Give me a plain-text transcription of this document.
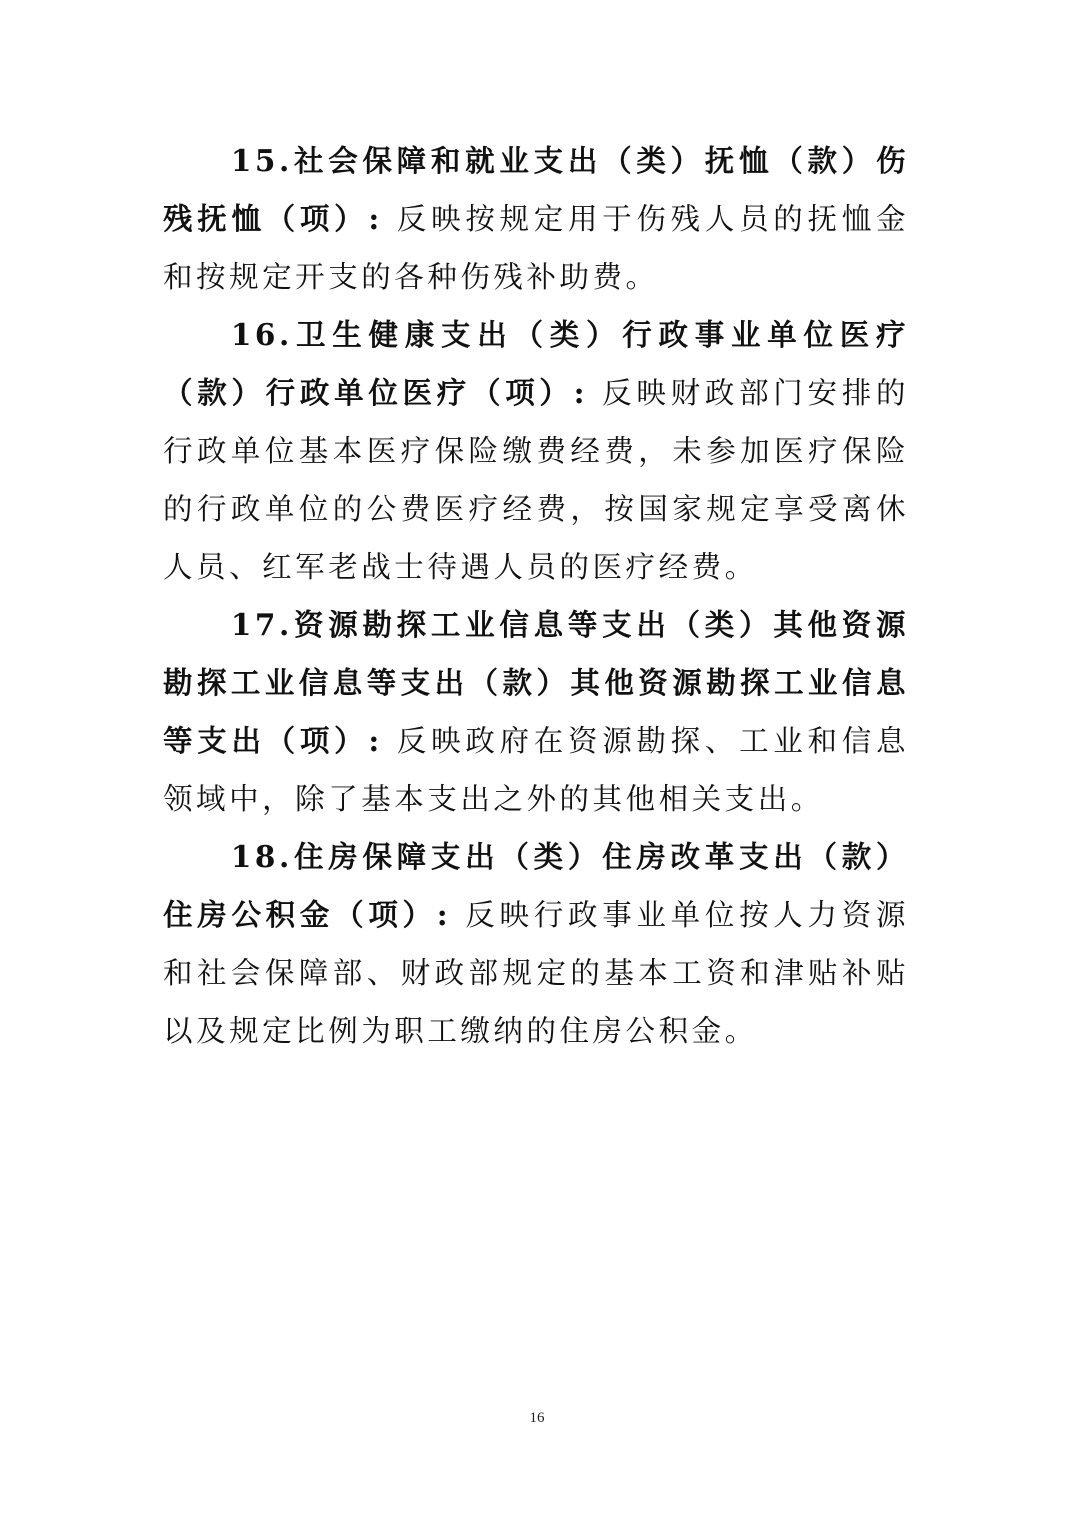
15.社会保障和就业支出（类）抚恤（款）伤残抚恤（项）: 反映按规定用于伤残人员的抚恤金和按规定开支的各种伤残补助费。

16.卫生健康支出（类）行政事业单位医疗（款）行政单位医疗（项）: 反映财政部门安排的行政单位基本医疗保险缴费经费，未参加医疗保险的行政单位的公费医疗经费，按国家规定享受离休人员、红军老战士待遇人员的医疗经费。

17.资源勘探工业信息等支出（类）其他资源勘探工业信息等支出（款）其他资源勘探工业信息等支出（项）: 反映政府在资源勘探、工业和信息领域中，除了基本支出之外的其他相关支出。

18.住房保障支出（类）住房改革支出（款）住房公积金（项）: 反映行政事业单位按人力资源和社会保障部、财政部规定的基本工资和津贴补贴以及规定比例为职工缴纳的住房公积金。

16
